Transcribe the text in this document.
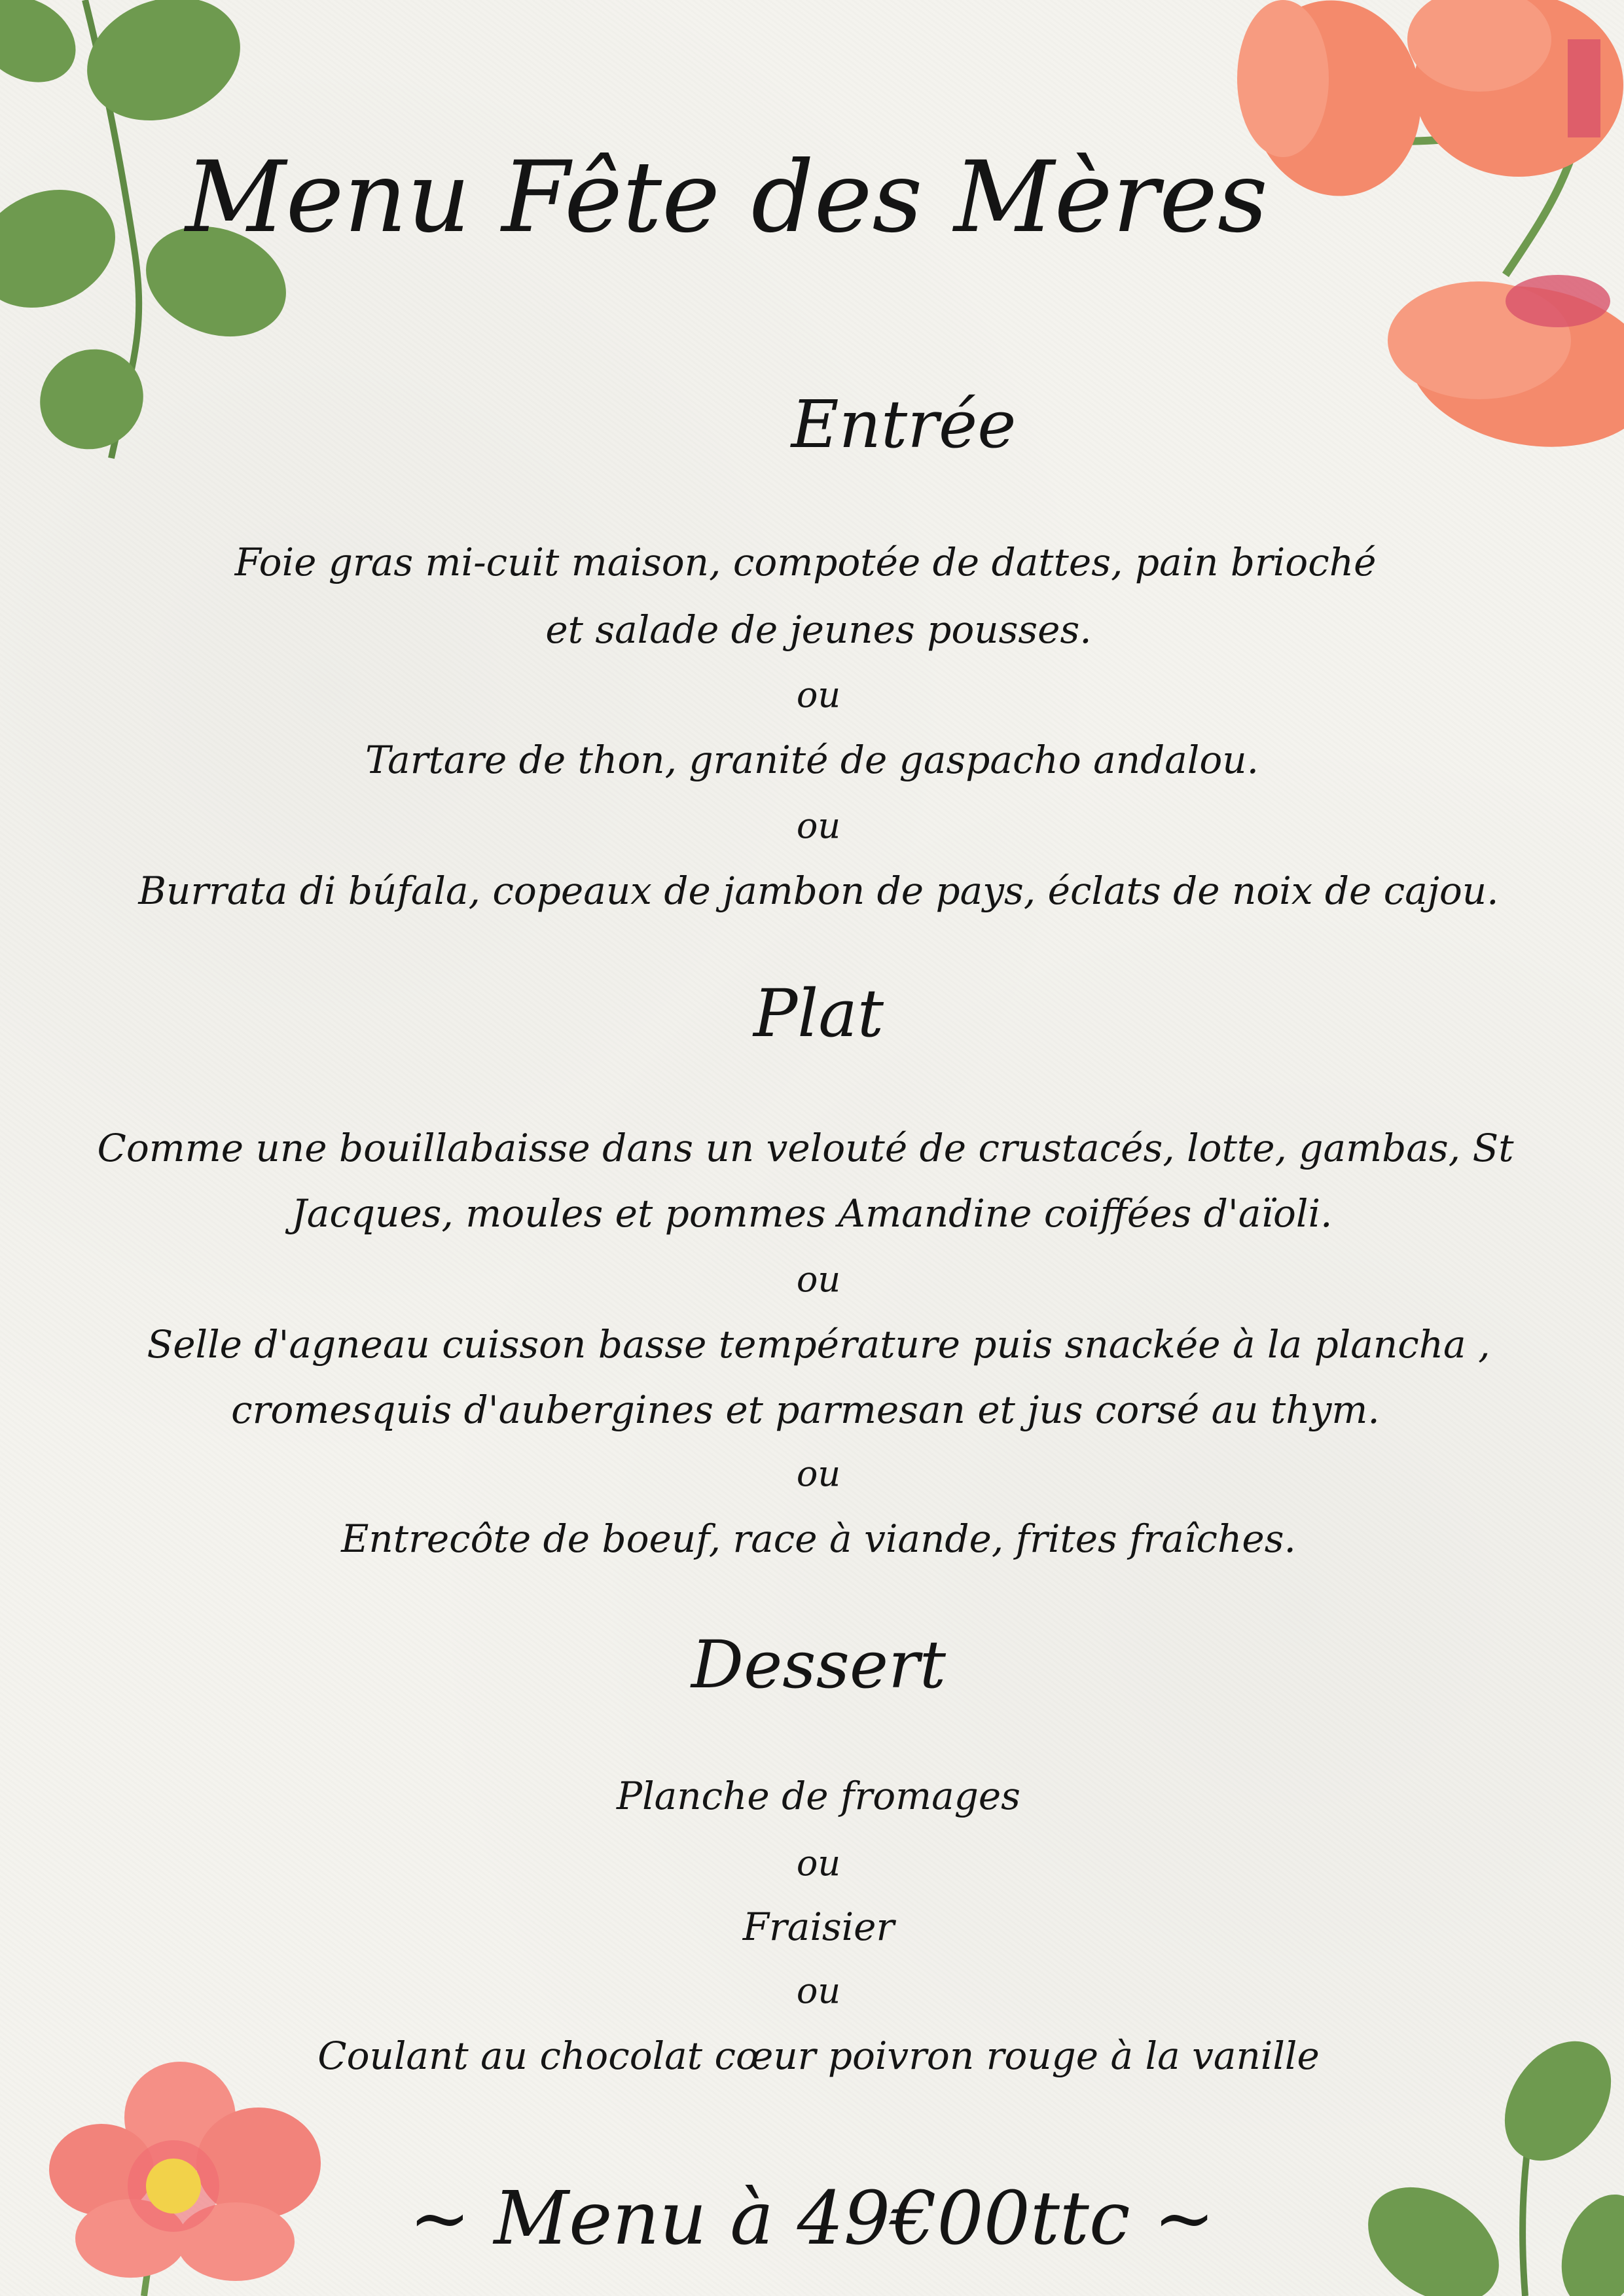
Menu Fête des Mères
Entrée
Foie gras mi-cuit maison, compotée de dattes, pain brioché
et salade de jeunes pousses.
ou
Tartare de thon, granité de gaspacho andalou.
ou
Burrata di búfala, copeaux de jambon de pays, éclats de noix de cajou.
Plat
Comme une bouillabaisse dans un velouté de crustacés, lotte, gambas, St
Jacques, moules et pommes Amandine coiffées d'aïoli.
ou
Selle d'agneau cuisson basse température puis snackée à la plancha ,
cromesquis d'aubergines et parmesan et jus corsé au thym.
ou
Entrecôte de boeuf, race à viande, frites fraîches.
Dessert
Planche de fromages
ou
Fraisier
ou
Coulant au chocolat cœur poivron rouge à la vanille
~ Menu à 49€00ttc ~
